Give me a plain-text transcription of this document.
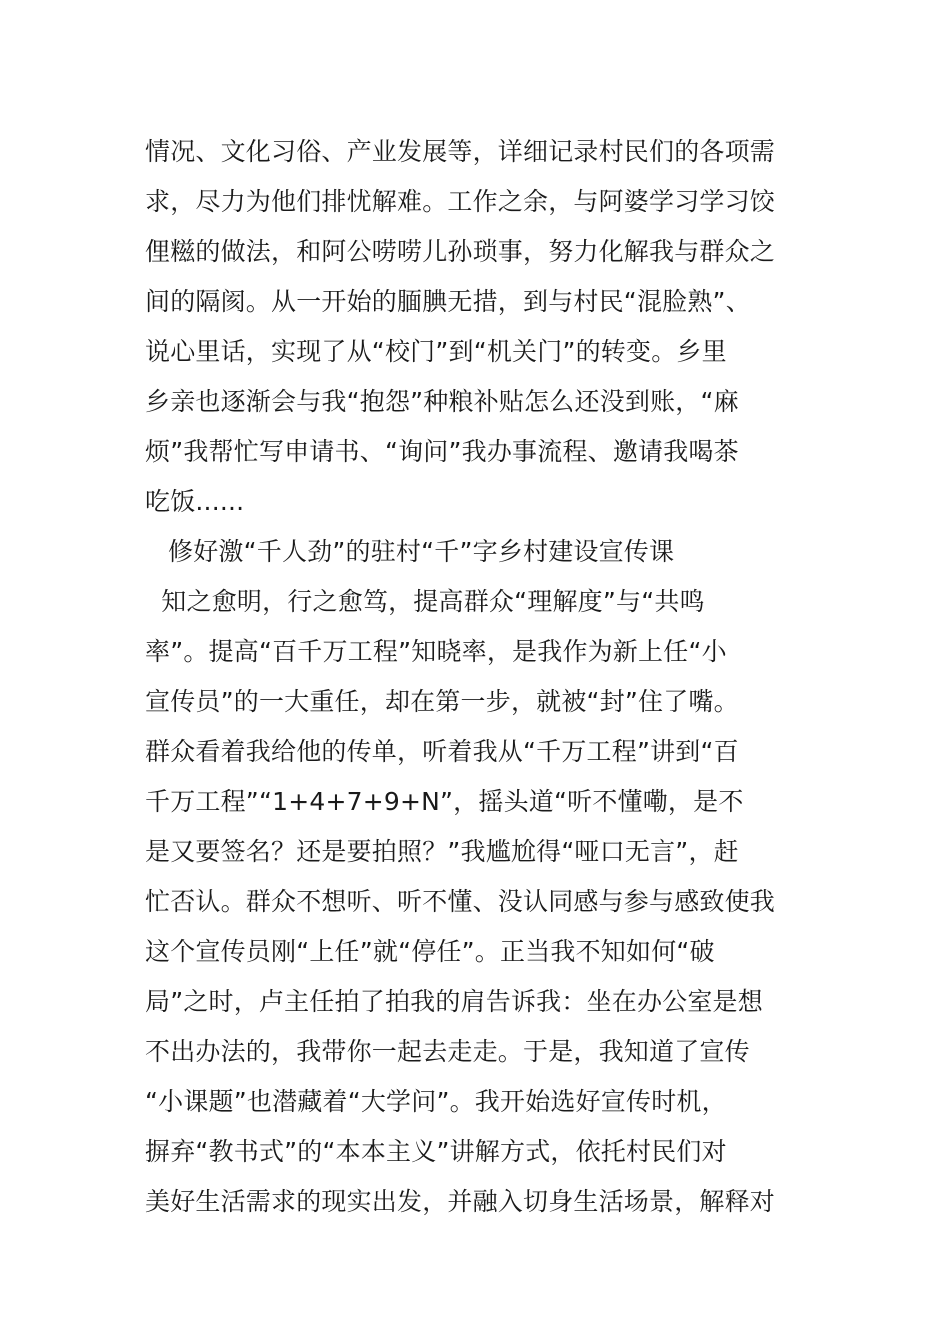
情况、文化习俗、产业发展等，详细记录村民们的各项需
求，尽力为他们排忧解难。工作之余，与阿婆学习学习饺
俚糍的做法，和阿公唠唠儿孙琐事，努力化解我与群众之
间的隔阂。从一开始的腼腆无措，到与村民“混脸熟”、
说心里话，实现了从“校门”到“机关门”的转变。乡里
乡亲也逐渐会与我“抱怨”种粮补贴怎么还没到账，“麻
烦”我帮忙写申请书、“询问”我办事流程、邀请我喝茶
吃饭......
修好激“千人劲”的驻村“千”字乡村建设宣传课
知之愈明，行之愈笃，提高群众“理解度”与“共鸣
率”。提高“百千万工程”知晓率，是我作为新上任“小
宣传员”的一大重任，却在第一步，就被“封”住了嘴。
群众看着我给他的传单，听着我从“千万工程”讲到“百
千万工程”“1+4+7+9+N”，摇头道“听不懂嘞，是不
是又要签名？还是要拍照？”我尴尬得“哑口无言”，赶
忙否认。群众不想听、听不懂、没认同感与参与感致使我
这个宣传员刚“上任”就“停任”。正当我不知如何“破
局”之时，卢主任拍了拍我的肩告诉我：坐在办公室是想
不出办法的，我带你一起去走走。于是，我知道了宣传
“小课题”也潜藏着“大学问”。我开始选好宣传时机，
摒弃“教书式”的“本本主义”讲解方式，依托村民们对
美好生活需求的现实出发，并融入切身生活场景，解释对
